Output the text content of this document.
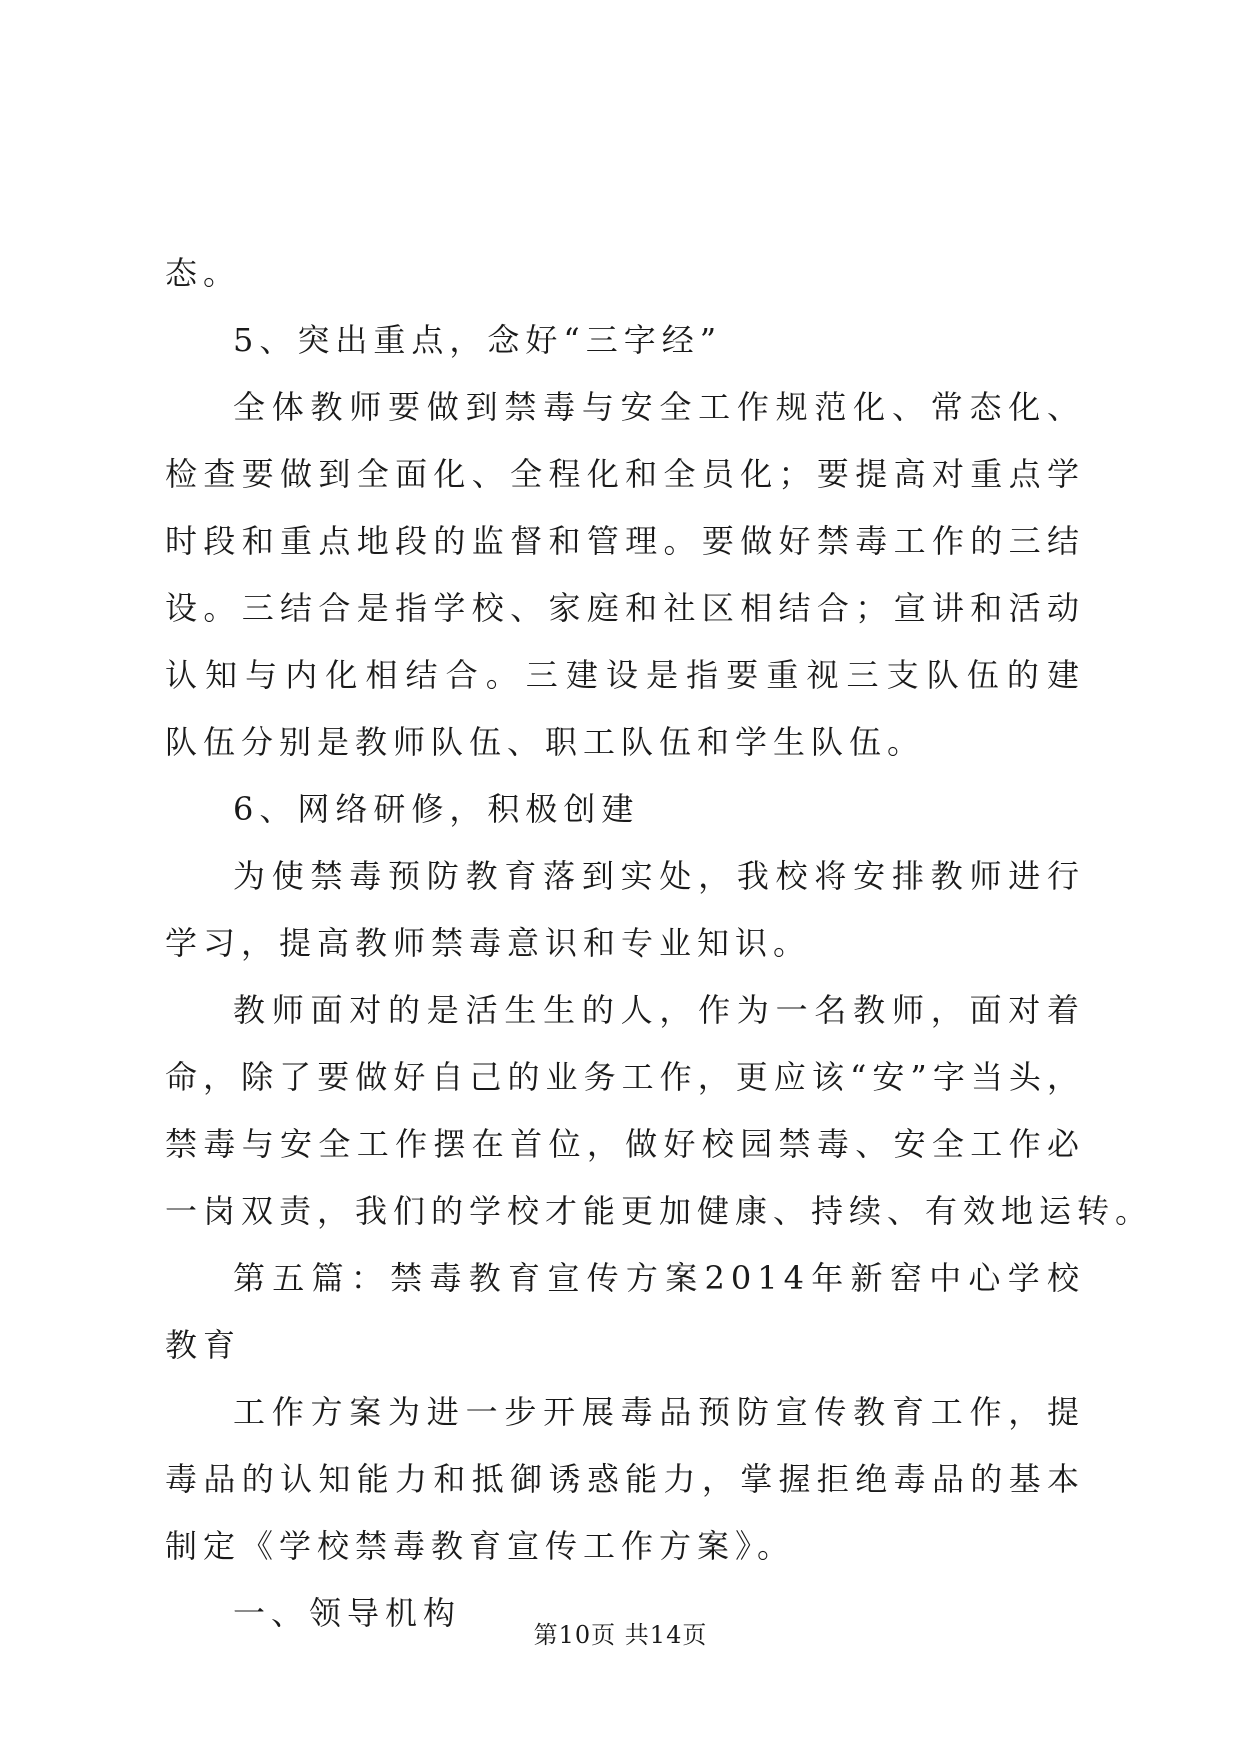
态。
5、突出重点，念好“三字经”
全体教师要做到禁毒与安全工作规范化、常态化、
检查要做到全面化、全程化和全员化；要提高对重点学
时段和重点地段的监督和管理。要做好禁毒工作的三结
设。三结合是指学校、家庭和社区相结合；宣讲和活动
认知与内化相结合。三建设是指要重视三支队伍的建
队伍分别是教师队伍、职工队伍和学生队伍。
6、网络研修，积极创建
为使禁毒预防教育落到实处，我校将安排教师进行
学习，提高教师禁毒意识和专业知识。
教师面对的是活生生的人，作为一名教师，面对着
命，除了要做好自己的业务工作，更应该“安”字当头，
禁毒与安全工作摆在首位，做好校园禁毒、安全工作必
一岗双责，我们的学校才能更加健康、持续、有效地运转。
第五篇：禁毒教育宣传方案2014年新窑中心学校
教育
工作方案为进一步开展毒品预防宣传教育工作，提
毒品的认知能力和抵御诱惑能力，掌握拒绝毒品的基本
制定《学校禁毒教育宣传工作方案》。
一、领导机构
第10页 共14页
